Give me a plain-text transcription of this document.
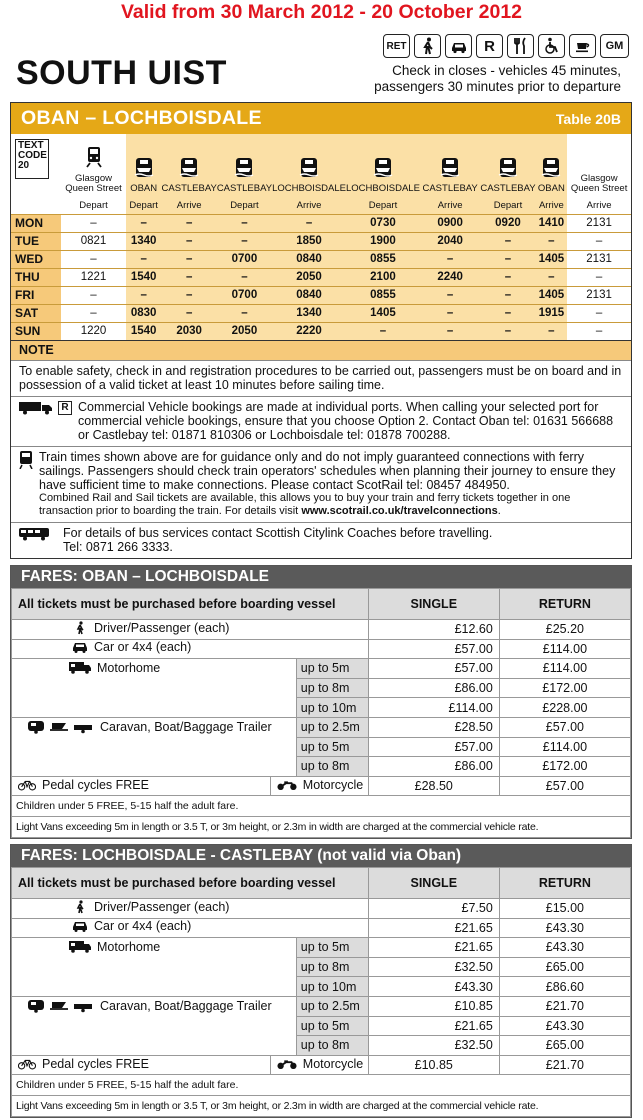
Valid from 30 March 2012 - 20 October 2012
SOUTH UIST
RET	R	GM
Check in closes - vehicles 45 minutes,
passengers 30 minutes prior to departure
OBAN – LOCHBOISDALE	Table 20B
TEXT
CODE
20	Glasgow Queen Street	OBAN	CASTLEBAY	CASTLEBAY	LOCHBOISDALE	LOCHBOISDALE	CASTLEBAY	CASTLEBAY	OBAN	Glasgow Queen Street

	Depart	Depart	Arrive	Depart	Arrive	Depart	Arrive	Depart	Arrive	Arrive
MON	–	–	–	–	–	0730	0900	0920	1410	2131
TUE	0821	1340	–	–	1850	1900	2040	–	–	–
WED	–	–	–	0700	0840	0855	–	–	1405	2131
THU	1221	1540	–	–	2050	2100	2240	–	–	–
FRI	–	–	–	0700	0840	0855	–	–	1405	2131
SAT	–	0830	–	–	1340	1405	–	–	1915	–
SUN	1220	1540	2030	2050	2220	–	–	–	–	–
NOTE
To enable safety, check in and registration procedures to be carried out, passengers must be on board and in possession of a valid ticket at least 10 minutes before sailing time.
R Commercial Vehicle bookings are made at individual ports. When calling your selected port for commercial vehicle bookings, ensure that you choose Option 2. Contact Oban tel: 01631 566688 or Castlebay tel: 01871 810306 or Lochboisdale tel: 01878 700288.
Train times shown above are for guidance only and do not imply guaranteed connections with ferry sailings. Passengers should check train operators' schedules when planning their journey to ensure they have sufficient time to make connections. Please contact ScotRail tel: 08457 484950.
Combined Rail and Sail tickets are available, this allows you to buy your train and ferry tickets together in one transaction prior to boarding the train. For details visit www.scotrail.co.uk/travelconnections.
For details of bus services contact Scottish Citylink Coaches before travelling.
Tel: 0871 266 3333.
FARES: OBAN – LOCHBOISDALE
All tickets must be purchased before boarding vessel			SINGLE	RETURN

Driver/Passenger (each)			£12.60	£25.20

Car or 4x4 (each)			£57.00	£114.00

Motorhome		up to 5m	£57.00	£114.00
		up to 8m	£86.00	£172.00
		up to 10m	£114.00	£228.00

Caravan, Boat/Baggage Trailer		up to 2.5m	£28.50	£57.00
		up to 5m	£57.00	£114.00
		up to 8m	£86.00	£172.00

Pedal cycles FREE	Motorcycle		£28.50	£57.00
Children under 5 FREE, 5-15 half the adult fare.				
Light Vans exceeding 5m in length or 3.5 T, or 3m height, or 2.3m in width are charged at the commercial vehicle rate.				
FARES: LOCHBOISDALE - CASTLEBAY (not valid via Oban)
All tickets must be purchased before boarding vessel			SINGLE	RETURN

Driver/Passenger (each)			£7.50	£15.00

Car or 4x4 (each)			£21.65	£43.30

Motorhome		up to 5m	£21.65	£43.30
		up to 8m	£32.50	£65.00
		up to 10m	£43.30	£86.60

Caravan, Boat/Baggage Trailer		up to 2.5m	£10.85	£21.70
		up to 5m	£21.65	£43.30
		up to 8m	£32.50	£65.00

Pedal cycles FREE	Motorcycle		£10.85	£21.70
Children under 5 FREE, 5-15 half the adult fare.				
Light Vans exceeding 5m in length or 3.5 T, or 3m height, or 2.3m in width are charged at the commercial vehicle rate.				
